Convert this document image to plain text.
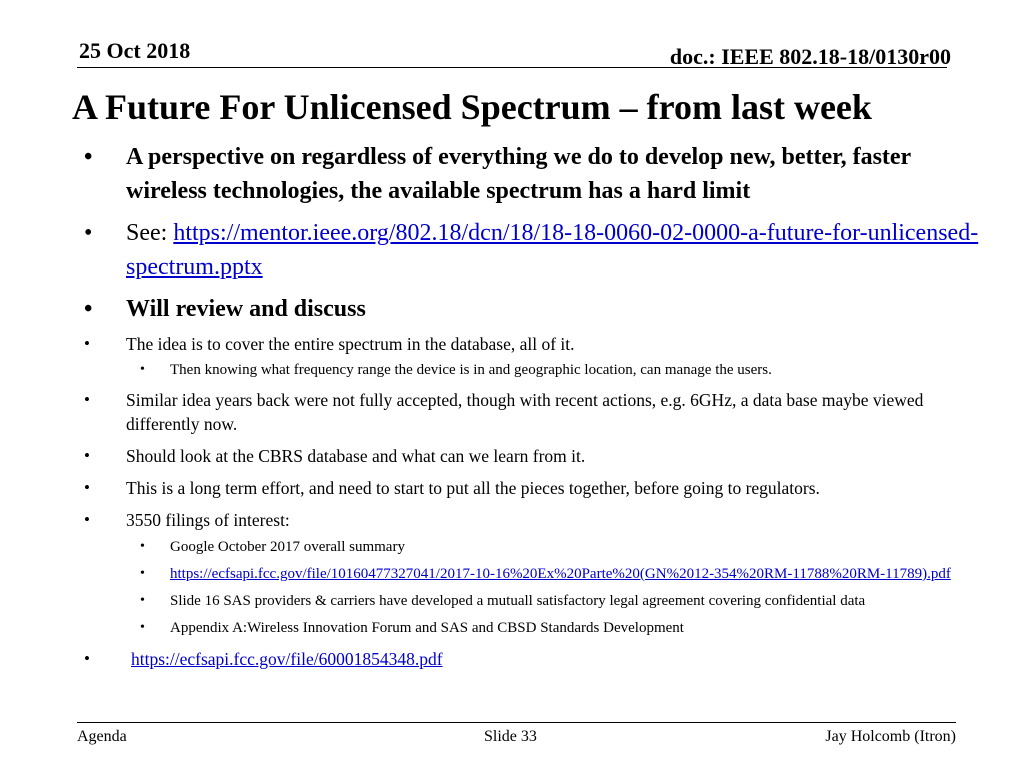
25 Oct 2018	doc.: IEEE 802.18-18/0130r00
A Future For Unlicensed Spectrum – from last week
• A perspective on regardless of everything we do to develop new, better, faster wireless technologies, the available spectrum has a hard limit
• See: https://mentor.ieee.org/802.18/dcn/18/18-18-0060-02-0000-a-future-for-unlicensed-spectrum.pptx
• Will review and discuss
• The idea is to cover the entire spectrum in the database, all of it.
• Then knowing what frequency range the device is in and geographic location, can manage the users.
• Similar idea years back were not fully accepted, though with recent actions, e.g. 6GHz, a data base maybe viewed differently now.
• Should look at the CBRS database and what can we learn from it.
• This is a long term effort, and need to start to put all the pieces together, before going to regulators.
• 3550 filings of interest:
• Google October 2017 overall summary
• https://ecfsapi.fcc.gov/file/10160477327041/2017-10-16%20Ex%20Parte%20(GN%2012-354%20RM-11788%20RM-11789).pdf
• Slide 16 SAS providers & carriers have developed a mutuall satisfactory legal agreement covering confidential data
• Appendix A:Wireless Innovation Forum and SAS and CBSD Standards Development
• https://ecfsapi.fcc.gov/file/60001854348.pdf
Agenda	Slide 33	Jay Holcomb (Itron)
